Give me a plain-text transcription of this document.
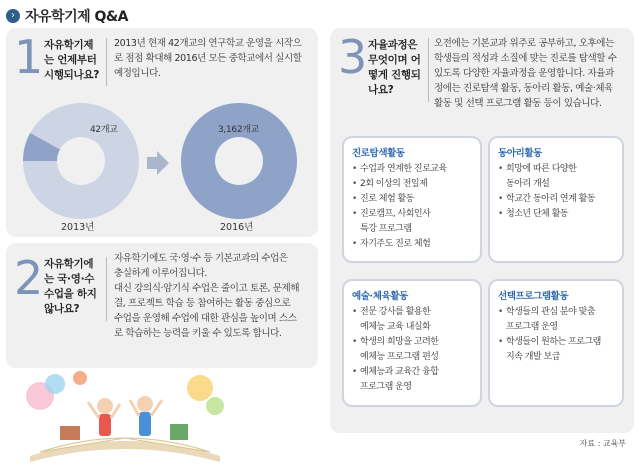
› 자유학기제 Q&A
1 자유학기제
는 언제부터
시행되나요?
2013년 현재 42개교의 연구학교 운영을 시작으
로 점점 확대해 2016년 모든 중학교에서 실시할
예정입니다.
42개교	3,162개교
2013년	2016년
2 자유학기에
는 국·영·수
수업을 하지
않나요?
자유학기에도 국·영·수 등 기본교과의 수업은
충실하게 이루어집니다.
대신 강의식·암기식 수업은 줄이고 토론, 문제해
결, 프로젝트 학습 등 참여하는 활동 중심으로
수업을 운영해 수업에 대한 관심을 높이며 스스
로 학습하는 능력을 키울 수 있도록 합니다.
3 자율과정은
무엇이며 어
떻게 진행되
나요?
오전에는 기본교과 위주로 공부하고, 오후에는
학생들의 적성과 소질에 맞는 진로를 탐색할 수
있도록 다양한 자율과정을 운영합니다. 자율과
정에는 진로탐색 활동, 동아리 활동, 예술·체육
활동 및 선택 프로그램 활동 등이 있습니다.
진로탐색활동
• 수업과 연계한 진로교육
• 2회 이상의 전일제
• 진로 체험 활동
• 진로캠프, 사회인사
특강 프로그램
• 자기주도 진로 체험
동아리활동
• 희망에 따른 다양한
동아리 개설
• 학교간 동아리 연계 활동
• 청소년 단체 활동
예술·체육활동
• 전문 강사를 활용한
예체능 교육 내실화
• 학생의 희망을 고려한
예체능 프로그램 편성
• 예체능과 교육간 융합
프로그램 운영
선택프로그램활동
• 학생들의 관심 분야 맞춤
프로그램 운영
• 학생들이 원하는 프로그램
지속 개발 보급
자료 : 교육부
